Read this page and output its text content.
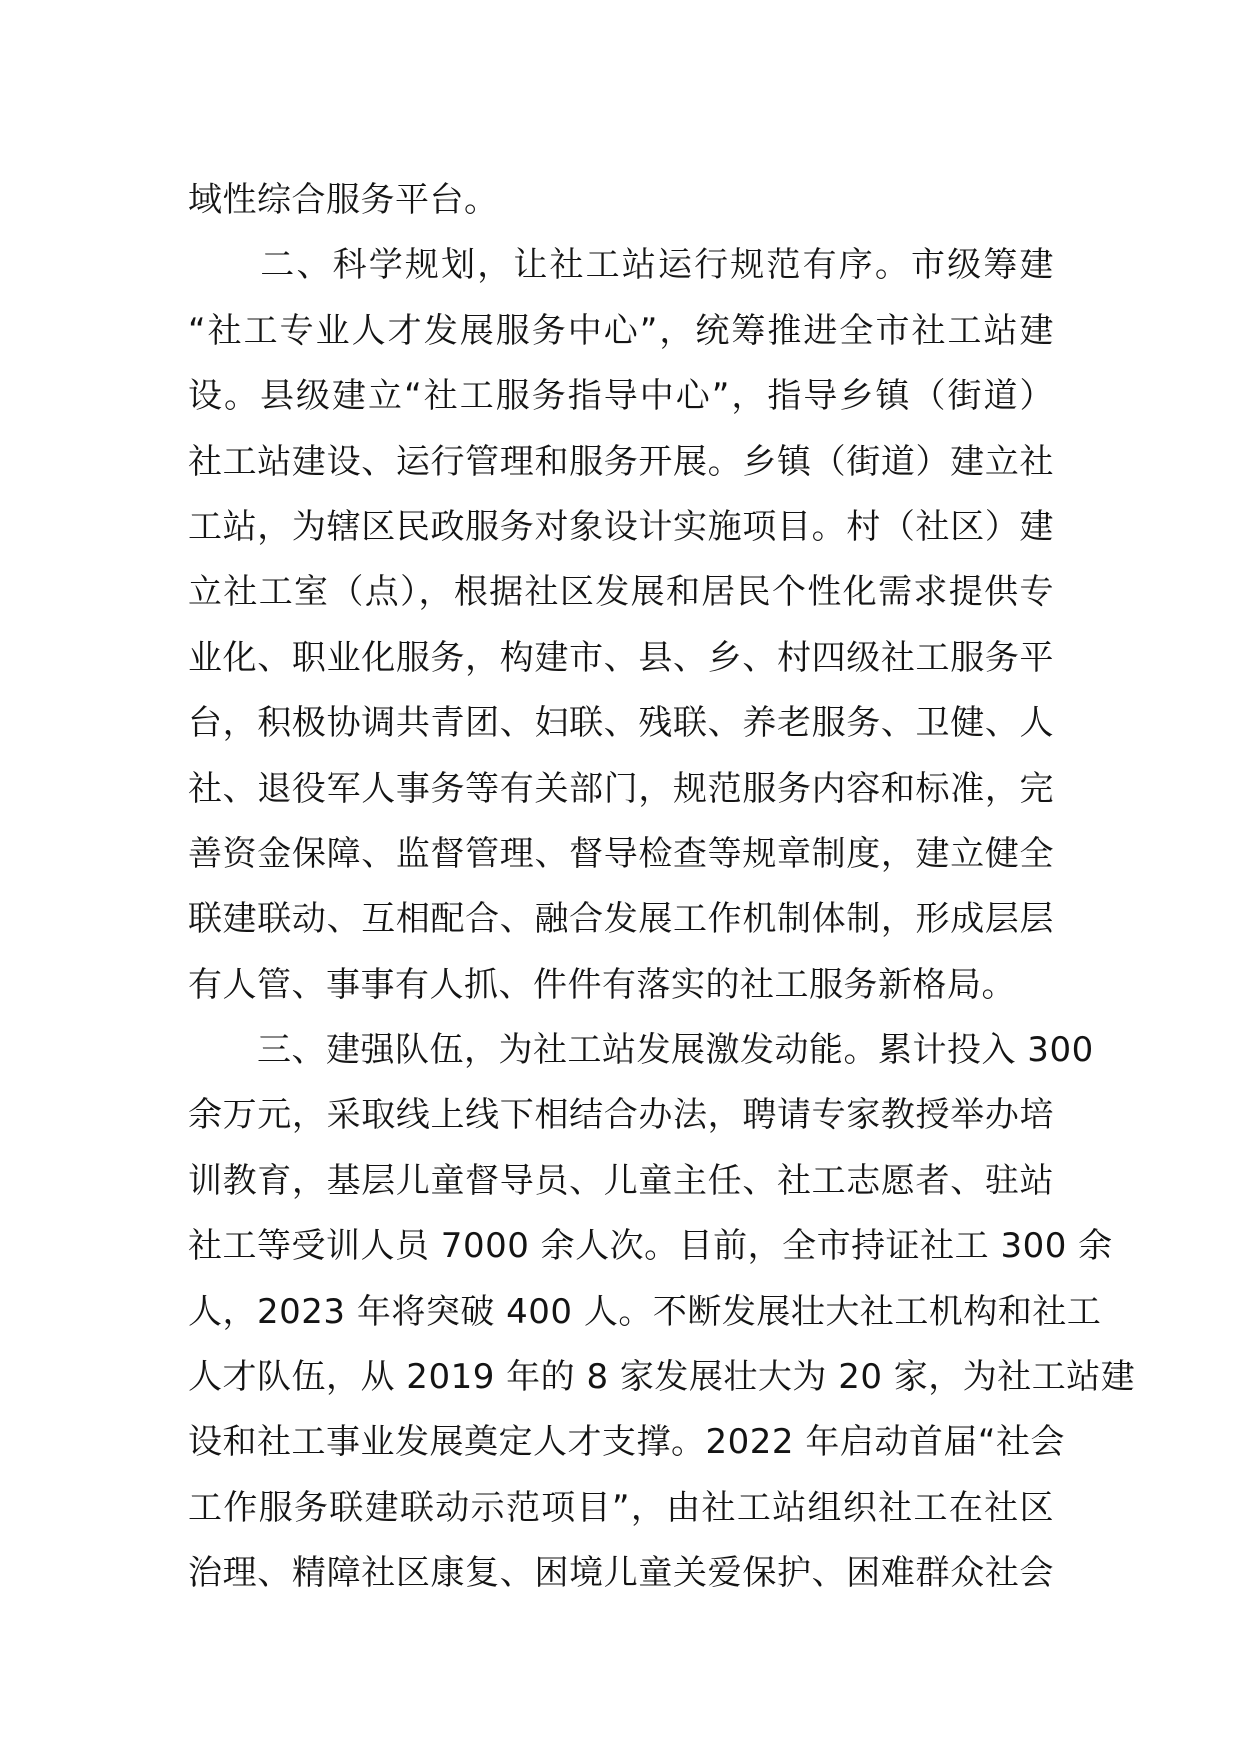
域性综合服务平台。
　　二、科学规划，让社工站运行规范有序。市级筹建
“社工专业人才发展服务中心”，统筹推进全市社工站建
设。县级建立“社工服务指导中心”，指导乡镇（街道）
社工站建设、运行管理和服务开展。乡镇（街道）建立社
工站，为辖区民政服务对象设计实施项目。村（社区）建
立社工室（点），根据社区发展和居民个性化需求提供专
业化、职业化服务，构建市、县、乡、村四级社工服务平
台，积极协调共青团、妇联、残联、养老服务、卫健、人
社、退役军人事务等有关部门，规范服务内容和标准，完
善资金保障、监督管理、督导检查等规章制度，建立健全
联建联动、互相配合、融合发展工作机制体制，形成层层
有人管、事事有人抓、件件有落实的社工服务新格局。
　　三、建强队伍，为社工站发展激发动能。累计投入 300
余万元，采取线上线下相结合办法，聘请专家教授举办培
训教育，基层儿童督导员、儿童主任、社工志愿者、驻站
社工等受训人员 7000 余人次。目前，全市持证社工 300 余
人，2023 年将突破 400 人。不断发展壮大社工机构和社工
人才队伍，从 2019 年的 8 家发展壮大为 20 家，为社工站建
设和社工事业发展奠定人才支撑。2022 年启动首届“社会
工作服务联建联动示范项目”，由社工站组织社工在社区
治理、精障社区康复、困境儿童关爱保护、困难群众社会
